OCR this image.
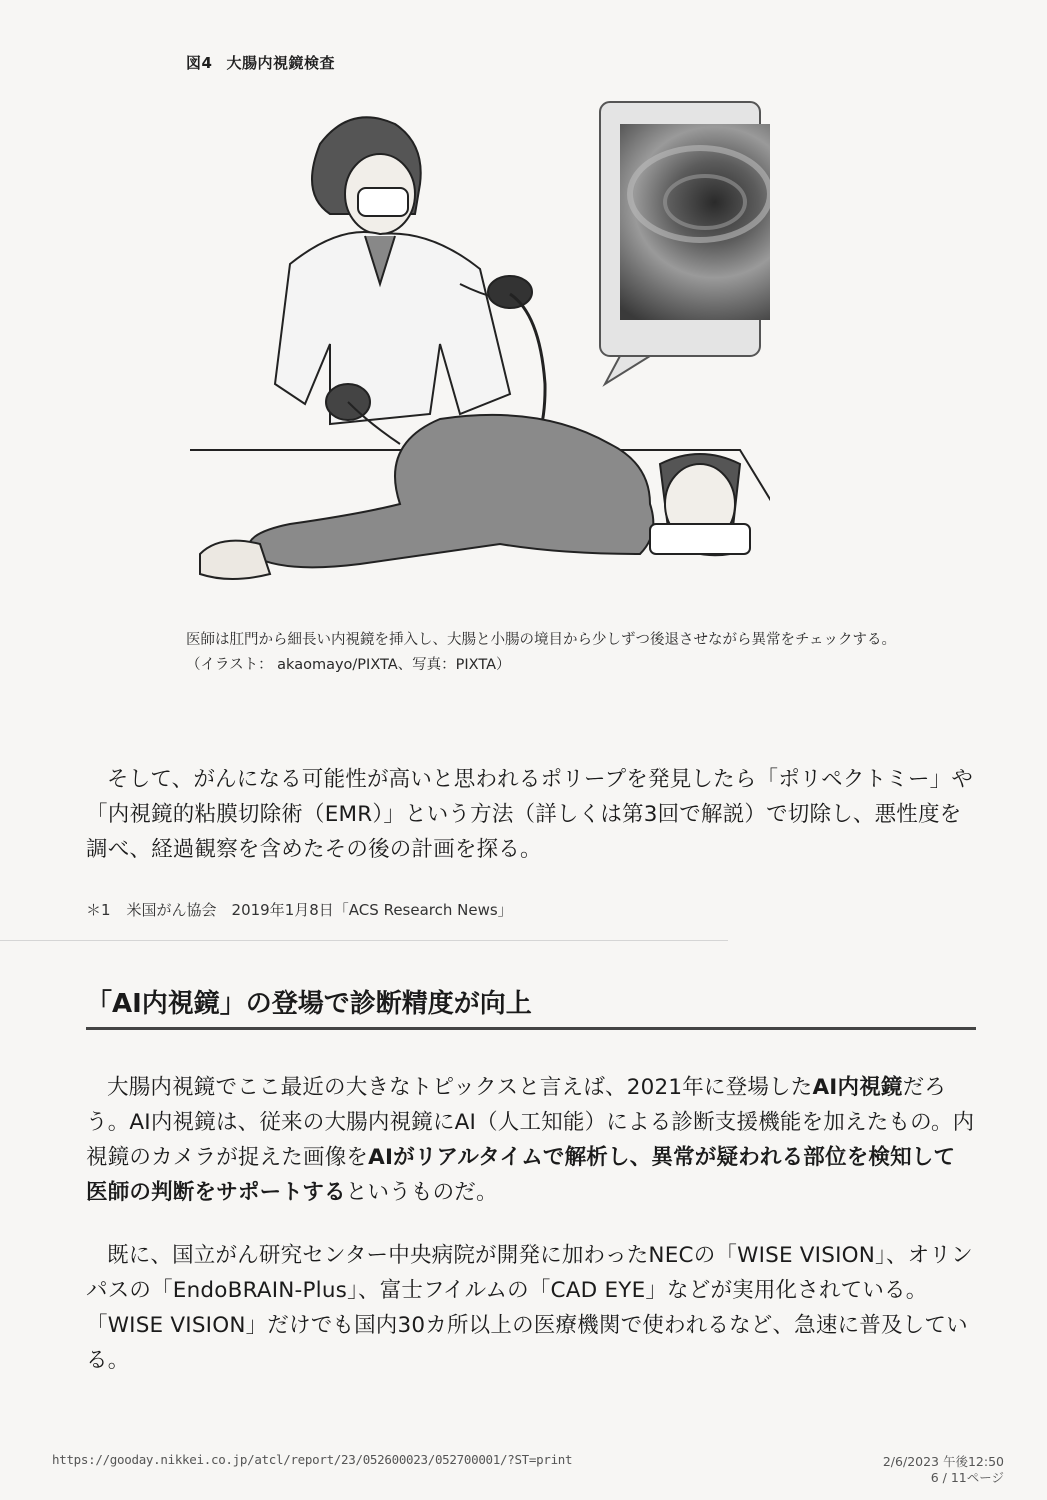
図4 大腸内視鏡検査
医師は肛門から細長い内視鏡を挿入し、大腸と小腸の境目から少しずつ後退させながら異常をチェックする。（イラスト： akaomayo/PIXTA、写真：PIXTA）

そして、がんになる可能性が高いと思われるポリープを発見したら「ポリペクトミー」や「内視鏡的粘膜切除術（EMR）」という方法（詳しくは第3回で解説）で切除し、悪性度を調べ、経過観察を含めたその後の計画を探る。

＊1 米国がん協会　2019年1月8日「ACS Research News」
「AI内視鏡」の登場で診断精度が向上

大腸内視鏡でここ最近の大きなトピックスと言えば、2021年に登場したAI内視鏡だろう。AI内視鏡は、従来の大腸内視鏡にAI（人工知能）による診断支援機能を加えたもの。内視鏡のカメラが捉えた画像をAIがリアルタイムで解析し、異常が疑われる部位を検知して医師の判断をサポートするというものだ。

既に、国立がん研究センター中央病院が開発に加わったNECの「WISE VISION」、オリンパスの「EndoBRAIN-Plus」、富士フイルムの「CAD EYE」などが実用化されている。「WISE VISION」だけでも国内30カ所以上の医療機関で使われるなど、急速に普及している。

https://gooday.nikkei.co.jp/atcl/report/23/052600023/052700001/?ST=print	2/6/2023 午後12:50
6 / 11ページ
